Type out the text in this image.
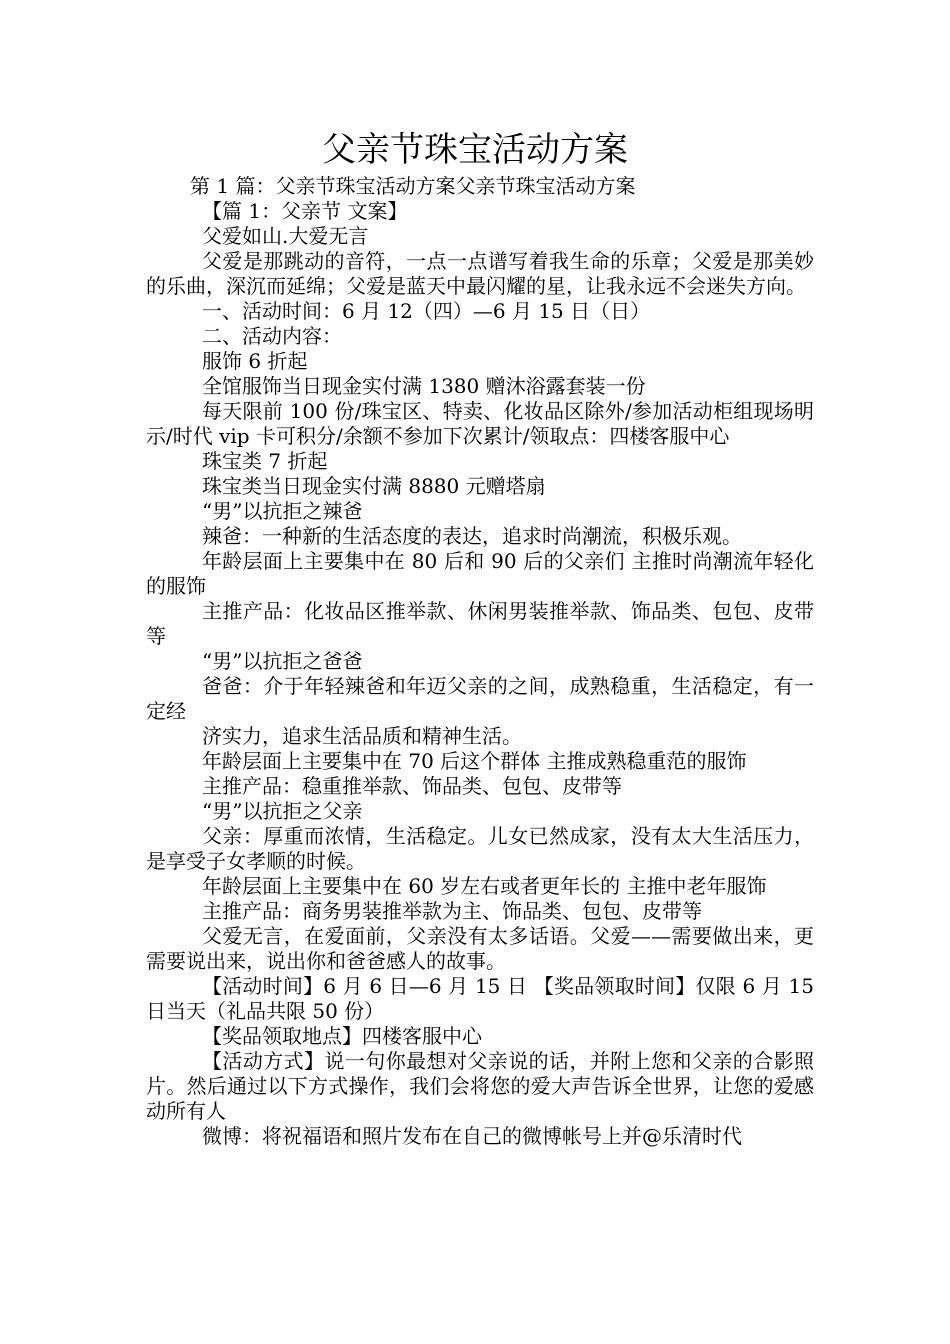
父亲节珠宝活动方案
第 1 篇：父亲节珠宝活动方案父亲节珠宝活动方案

【篇 1：父亲节 文案】

父爱如山.大爱无言

父爱是那跳动的音符，一点一点谱写着我生命的乐章；父爱是那美妙的乐曲，深沉而延绵；父爱是蓝天中最闪耀的星，让我永远不会迷失方向。

一、活动时间：6 月 12（四）—6 月 15 日（日）

二、活动内容：

服饰 6 折起

全馆服饰当日现金实付满 1380 赠沐浴露套装一份

每天限前 100 份/珠宝区、特卖、化妆品区除外/参加活动柜组现场明示/时代 vip 卡可积分/余额不参加下次累计/领取点：四楼客服中心

珠宝类 7 折起

珠宝类当日现金实付满 8880 元赠塔扇

“男”以抗拒之辣爸

辣爸：一种新的生活态度的表达，追求时尚潮流，积极乐观。

年龄层面上主要集中在 80 后和 90 后的父亲们 主推时尚潮流年轻化的服饰

主推产品：化妆品区推举款、休闲男装推举款、饰品类、包包、皮带等

“男”以抗拒之爸爸

爸爸：介于年轻辣爸和年迈父亲的之间，成熟稳重，生活稳定，有一定经

济实力，追求生活品质和精神生活。

年龄层面上主要集中在 70 后这个群体 主推成熟稳重范的服饰

主推产品：稳重推举款、饰品类、包包、皮带等

“男”以抗拒之父亲

父亲：厚重而浓情，生活稳定。儿女已然成家，没有太大生活压力，是享受子女孝顺的时候。

年龄层面上主要集中在 60 岁左右或者更年长的 主推中老年服饰

主推产品：商务男装推举款为主、饰品类、包包、皮带等

父爱无言，在爱面前，父亲没有太多话语。父爱——需要做出来，更需要说出来，说出你和爸爸感人的故事。

【活动时间】6 月 6 日—6 月 15 日 【奖品领取时间】仅限 6 月 15 日当天（礼品共限 50 份）

【奖品领取地点】四楼客服中心

【活动方式】说一句你最想对父亲说的话，并附上您和父亲的合影照片。然后通过以下方式操作，我们会将您的爱大声告诉全世界，让您的爱感动所有人

微博：将祝福语和照片发布在自己的微博帐号上并@乐清时代
